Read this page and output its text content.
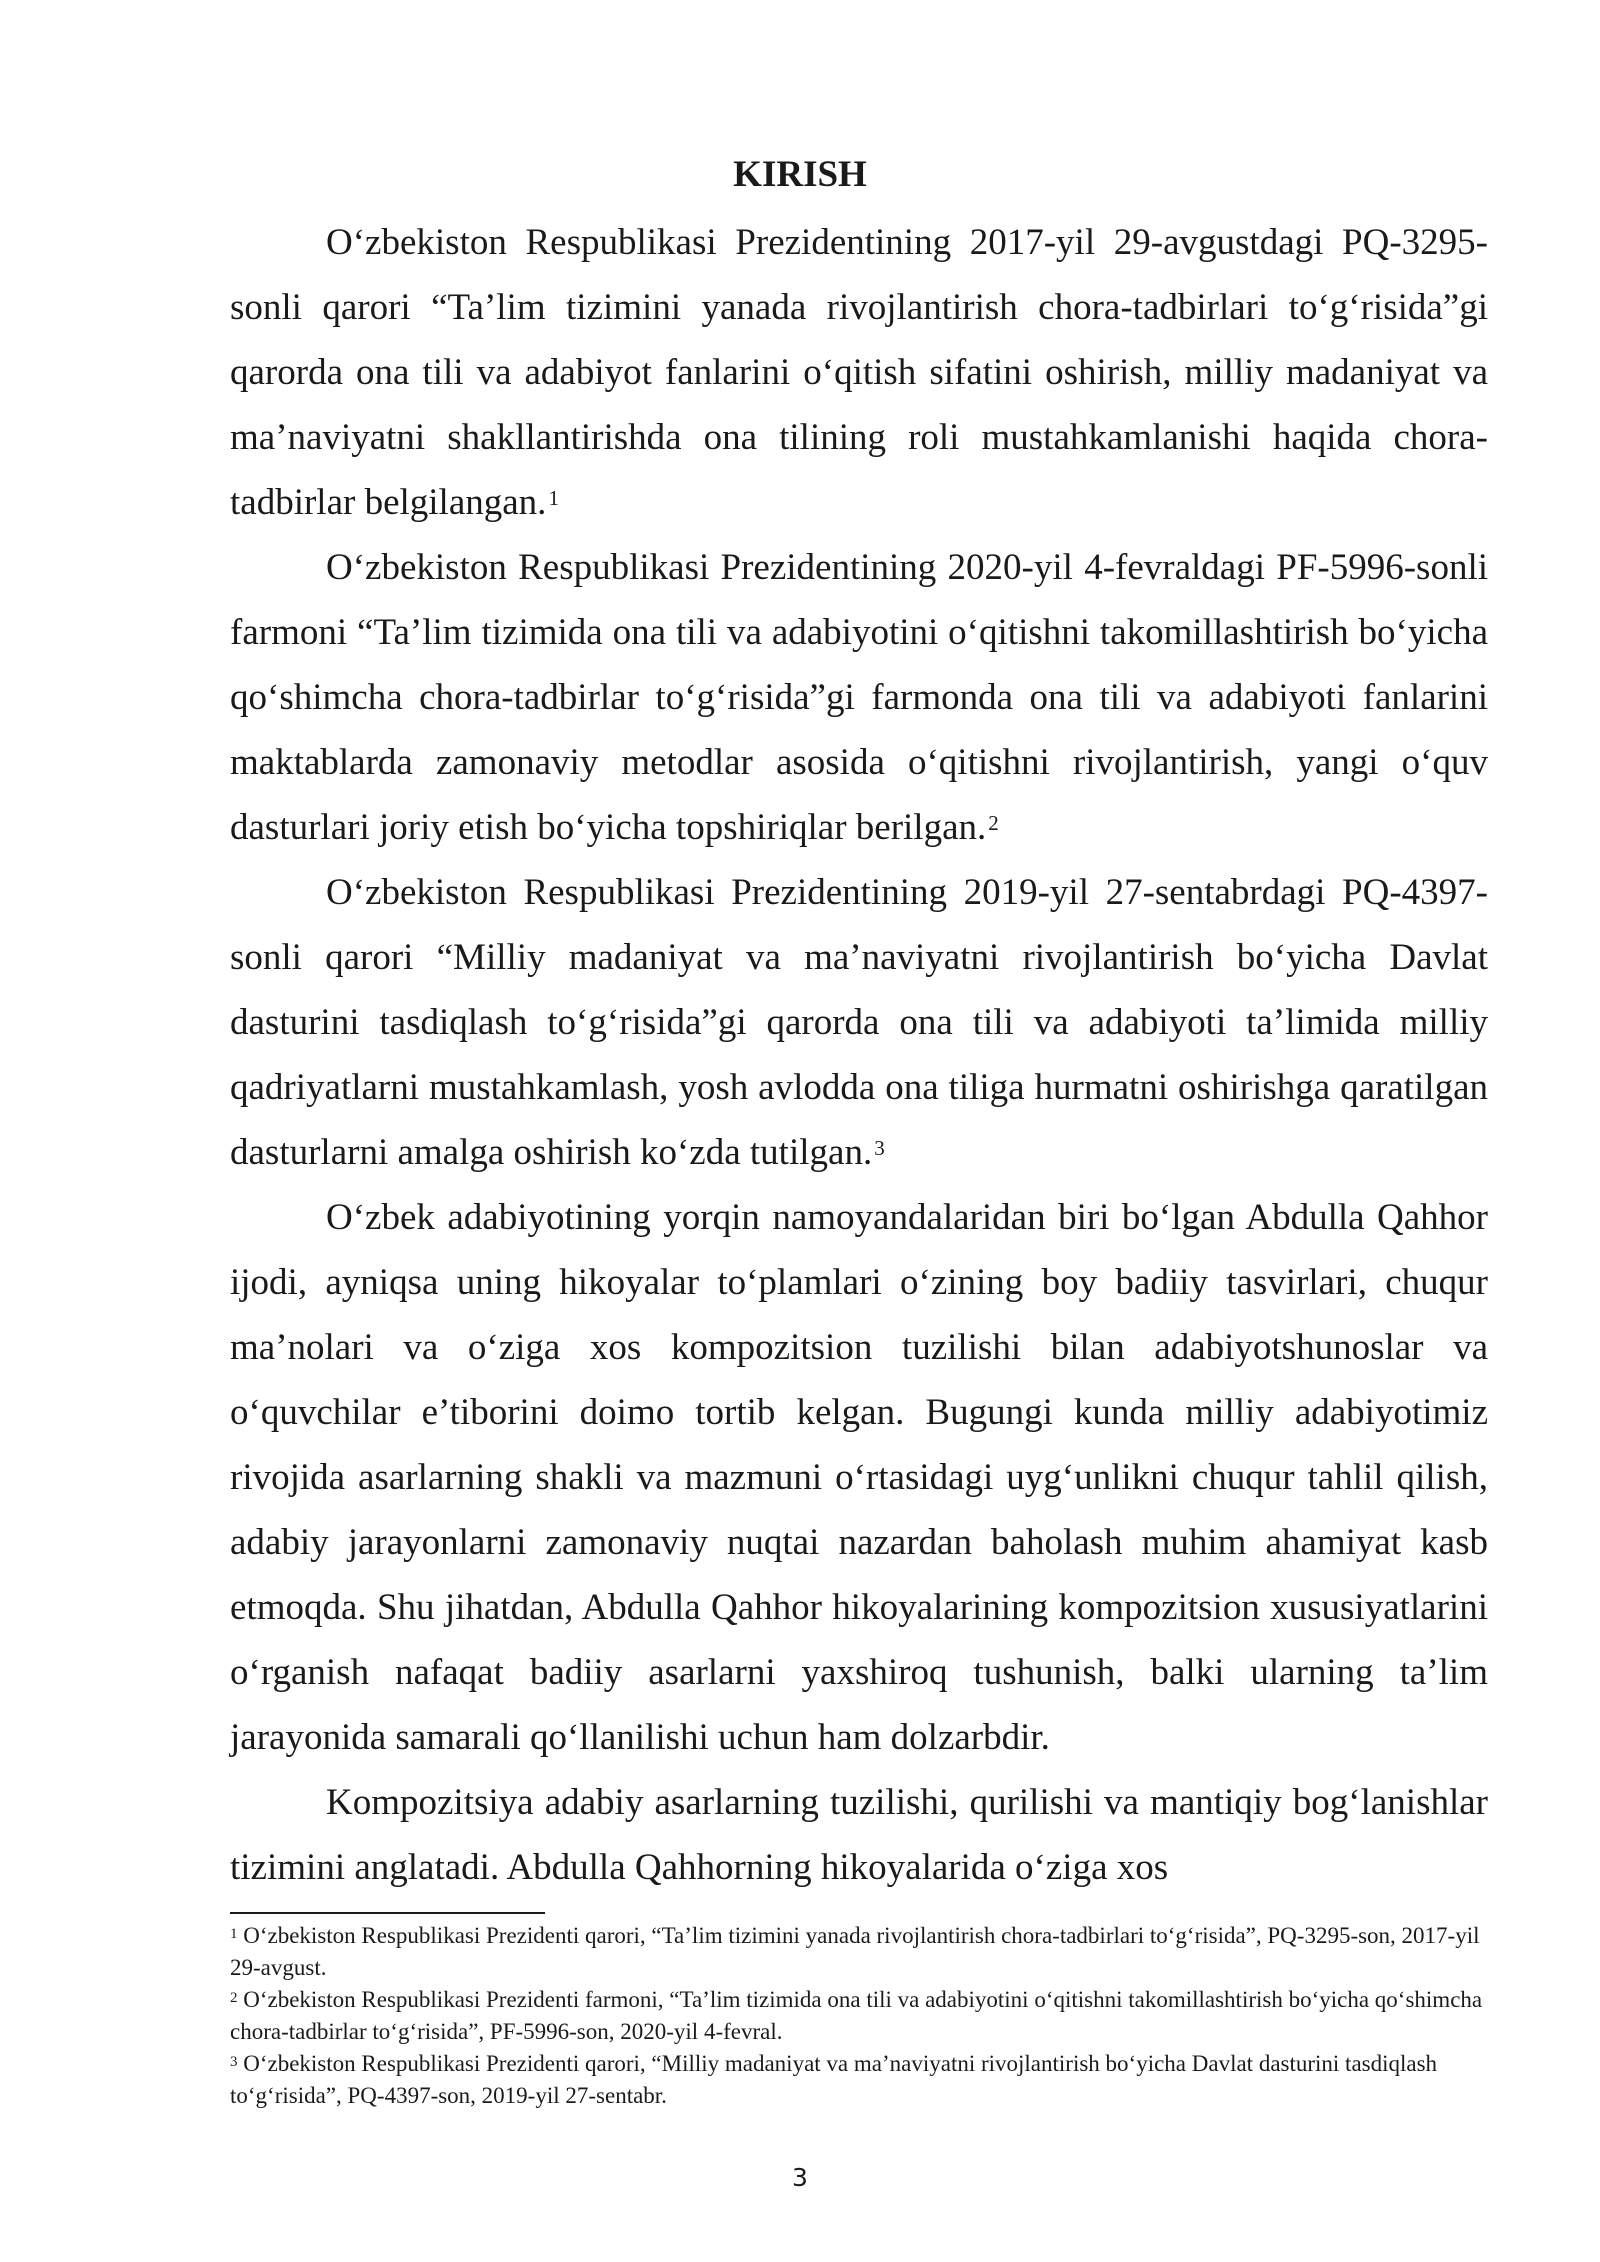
KIRISH

O‘zbekiston Respublikasi Prezidentining 2017-yil 29-avgustdagi PQ-3295-sonli qarori “Ta’lim tizimini yanada rivojlantirish chora-tadbirlari to‘g‘risida”gi qarorda ona tili va adabiyot fanlarini o‘qitish sifatini oshirish, milliy madaniyat va ma’naviyatni shakllantirishda ona tilining roli mustahkamlanishi haqida chora-tadbirlar belgilangan.$^1$

O‘zbekiston Respublikasi Prezidentining 2020-yil 4-fevraldagi PF-5996-sonli farmoni “Ta’lim tizimida ona tili va adabiyotini o‘qitishni takomillashtirish bo‘yicha qo‘shimcha chora-tadbirlar to‘g‘risida”gi farmonda ona tili va adabiyoti fanlarini maktablarda zamonaviy metodlar asosida o‘qitishni rivojlantirish, yangi o‘quv dasturlari joriy etish bo‘yicha topshiriqlar berilgan.$^2$

O‘zbekiston Respublikasi Prezidentining 2019-yil 27-sentabrdagi PQ-4397-sonli qarori “Milliy madaniyat va ma’naviyatni rivojlantirish bo‘yicha Davlat dasturini tasdiqlash to‘g‘risida”gi qarorda ona tili va adabiyoti ta’limida milliy qadriyatlarni mustahkamlash, yosh avlodda ona tiliga hurmatni oshirishga qaratilgan dasturlarni amalga oshirish ko‘zda tutilgan.$^3$

O‘zbek adabiyotining yorqin namoyandalaridan biri bo‘lgan Abdulla Qahhor ijodi, ayniqsa uning hikoyalar to‘plamlari o‘zining boy badiiy tasvirlari, chuqur ma’nolari va o‘ziga xos kompozitsion tuzilishi bilan adabiyotshunoslar va o‘quvchilar e’tiborini doimo tortib kelgan. Bugungi kunda milliy adabiyotimiz rivojida asarlarning shakli va mazmuni o‘rtasidagi uyg‘unlikni chuqur tahlil qilish, adabiy jarayonlarni zamonaviy nuqtai nazardan baholash muhim ahamiyat kasb etmoqda. Shu jihatdan, Abdulla Qahhor hikoyalarining kompozitsion xususiyatlarini o‘rganish nafaqat badiiy asarlarni yaxshiroq tushunish, balki ularning ta’lim jarayonida samarali qo‘llanilishi uchun ham dolzarbdir.

Kompozitsiya adabiy asarlarning tuzilishi, qurilishi va mantiqiy bog‘lanishlar tizimini anglatadi. Abdulla Qahhorning hikoyalarida o‘ziga xos

$^1$ O‘zbekiston Respublikasi Prezidenti qarori, “Ta’lim tizimini yanada rivojlantirish chora-tadbirlari to‘g‘risida”, PQ-3295-son, 2017-yil 29-avgust.

$^2$ O‘zbekiston Respublikasi Prezidenti farmoni, “Ta’lim tizimida ona tili va adabiyotini o‘qitishni takomillashtirish bo‘yicha qo‘shimcha chora-tadbirlar to‘g‘risida”, PF-5996-son, 2020-yil 4-fevral.

$^3$ O‘zbekiston Respublikasi Prezidenti qarori, “Milliy madaniyat va ma’naviyatni rivojlantirish bo‘yicha Davlat dasturini tasdiqlash to‘g‘risida”, PQ-4397-son, 2019-yil 27-sentabr.

3
